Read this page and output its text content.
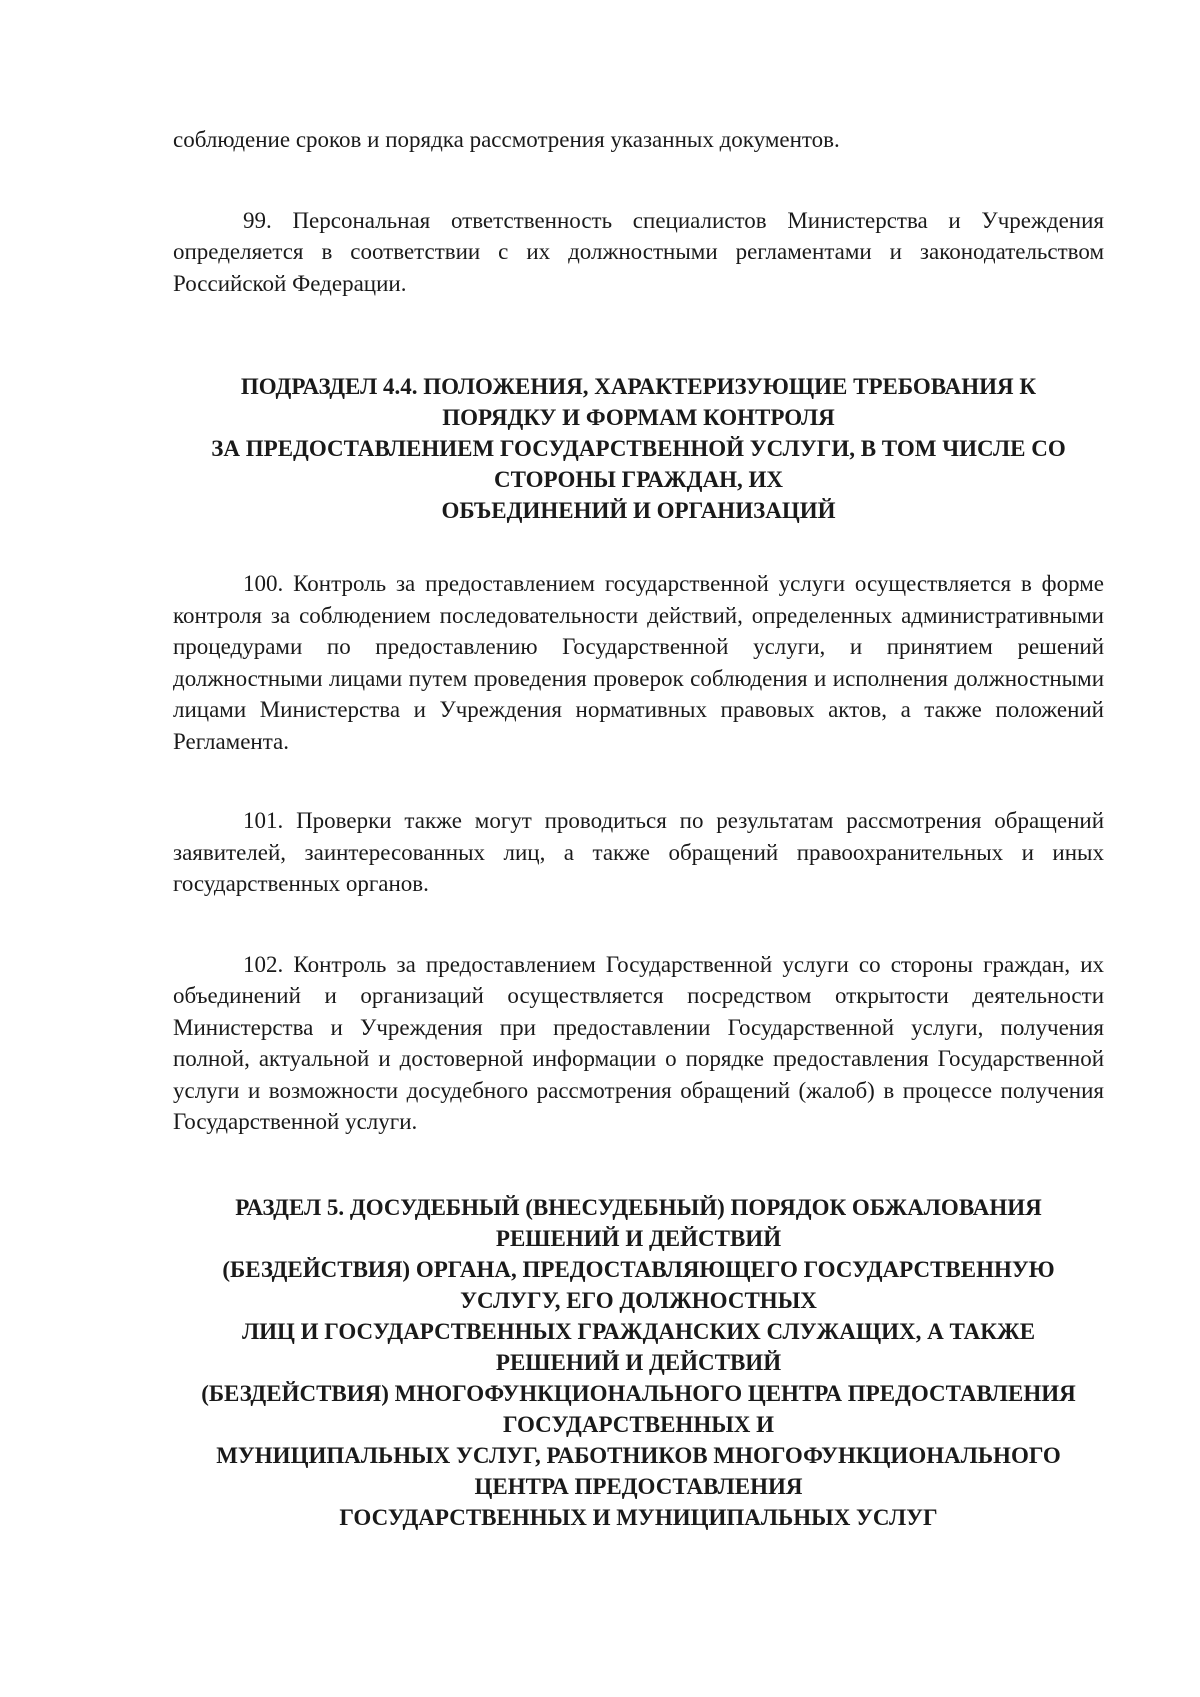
соблюдение сроков и порядка рассмотрения указанных документов.

99. Персональная ответственность специалистов Министерства и Учреждения определяется в соответствии с их должностными регламентами и законодательством Российской Федерации.

ПОДРАЗДЕЛ 4.4. ПОЛОЖЕНИЯ, ХАРАКТЕРИЗУЮЩИЕ ТРЕБОВАНИЯ К
ПОРЯДКУ И ФОРМАМ КОНТРОЛЯ
ЗА ПРЕДОСТАВЛЕНИЕМ ГОСУДАРСТВЕННОЙ УСЛУГИ, В ТОМ ЧИСЛЕ СО
СТОРОНЫ ГРАЖДАН, ИХ
ОБЪЕДИНЕНИЙ И ОРГАНИЗАЦИЙ

100. Контроль за предоставлением государственной услуги осуществляется в форме контроля за соблюдением последовательности действий, определенных административными процедурами по предоставлению Государственной услуги, и принятием решений должностными лицами путем проведения проверок соблюдения и исполнения должностными лицами Министерства и Учреждения нормативных правовых актов, а также положений Регламента.

101. Проверки также могут проводиться по результатам рассмотрения обращений заявителей, заинтересованных лиц, а также обращений правоохранительных и иных государственных органов.

102. Контроль за предоставлением Государственной услуги со стороны граждан, их объединений и организаций осуществляется посредством открытости деятельности Министерства и Учреждения при предоставлении Государственной услуги, получения полной, актуальной и достоверной информации о порядке предоставления Государственной услуги и возможности досудебного рассмотрения обращений (жалоб) в процессе получения Государственной услуги.

РАЗДЕЛ 5. ДОСУДЕБНЫЙ (ВНЕСУДЕБНЫЙ) ПОРЯДОК ОБЖАЛОВАНИЯ
РЕШЕНИЙ И ДЕЙСТВИЙ
(БЕЗДЕЙСТВИЯ) ОРГАНА, ПРЕДОСТАВЛЯЮЩЕГО ГОСУДАРСТВЕННУЮ
УСЛУГУ, ЕГО ДОЛЖНОСТНЫХ
ЛИЦ И ГОСУДАРСТВЕННЫХ ГРАЖДАНСКИХ СЛУЖАЩИХ, А ТАКЖЕ
РЕШЕНИЙ И ДЕЙСТВИЙ
(БЕЗДЕЙСТВИЯ) МНОГОФУНКЦИОНАЛЬНОГО ЦЕНТРА ПРЕДОСТАВЛЕНИЯ
ГОСУДАРСТВЕННЫХ И
МУНИЦИПАЛЬНЫХ УСЛУГ, РАБОТНИКОВ МНОГОФУНКЦИОНАЛЬНОГО
ЦЕНТРА ПРЕДОСТАВЛЕНИЯ
ГОСУДАРСТВЕННЫХ И МУНИЦИПАЛЬНЫХ УСЛУГ
